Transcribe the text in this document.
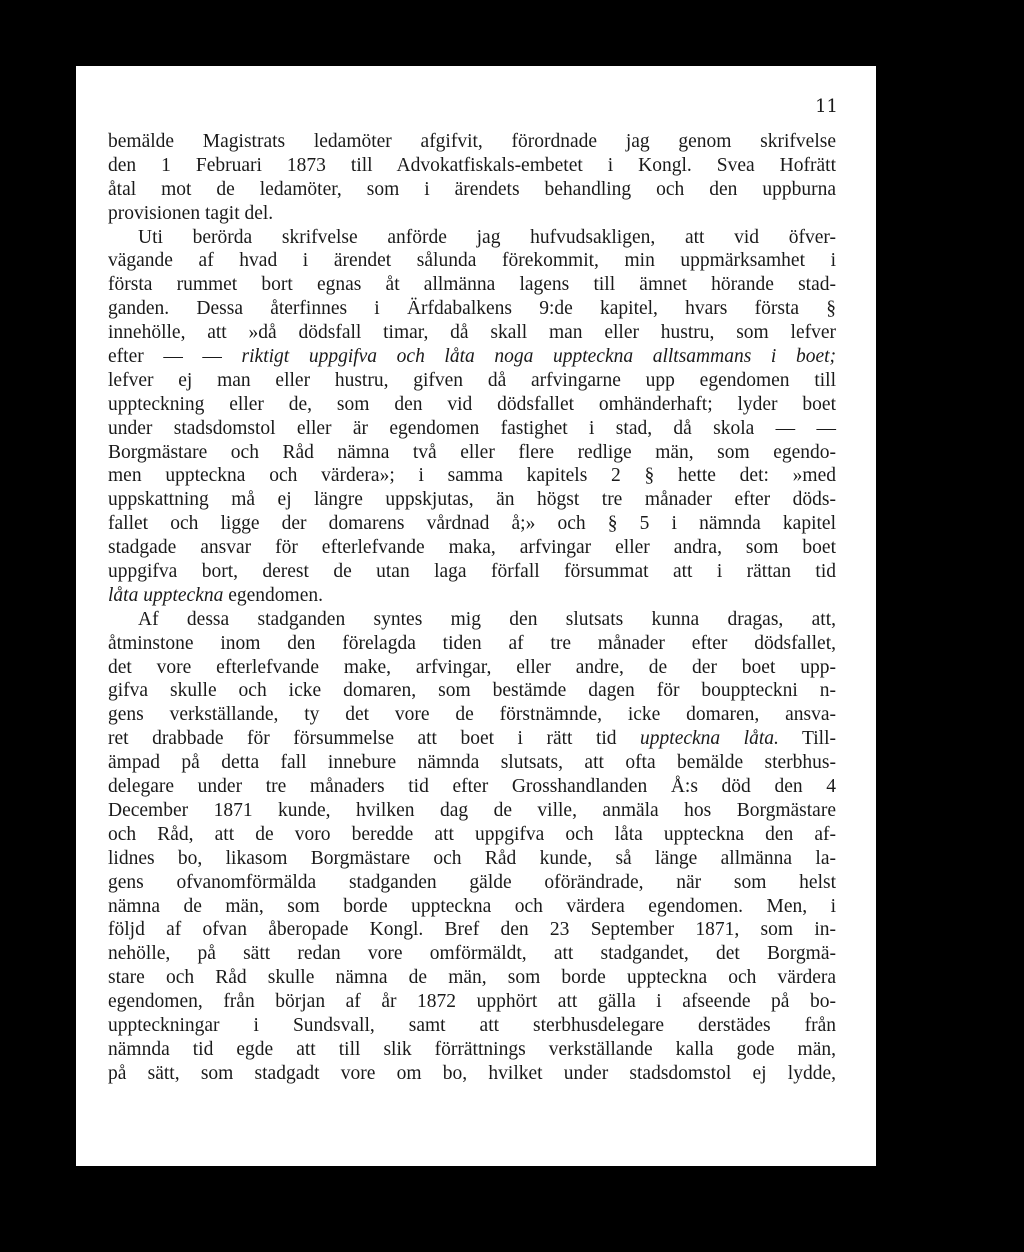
11
bemälde Magistrats ledamöter afgifvit, förordnade jag genom skrifvelse
den 1 Februari 1873 till Advokatfiskals-embetet i Kongl. Svea Hofrätt
åtal mot de ledamöter, som i ärendets behandling och den uppburna
provisionen tagit del.
Uti berörda skrifvelse anförde jag hufvudsakligen, att vid öfver-
vägande af hvad i ärendet sålunda förekommit, min uppmärksamhet i
första rummet bort egnas åt allmänna lagens till ämnet hörande stad-
ganden. Dessa återfinnes i Ärfdabalkens 9:de kapitel, hvars första §
innehölle, att »då dödsfall timar, då skall man eller hustru, som lefver
efter — — riktigt uppgifva och låta noga uppteckna alltsammans i boet;
lefver ej man eller hustru, gifven då arfvingarne upp egendomen till
uppteckning eller de, som den vid dödsfallet omhänderhaft; lyder boet
under stadsdomstol eller är egendomen fastighet i stad, då skola — —
Borgmästare och Råd nämna två eller flere redlige män, som egendo-
men uppteckna och värdera»; i samma kapitels 2 § hette det: »med
uppskattning må ej längre uppskjutas, än högst tre månader efter döds-
fallet och ligge der domarens vårdnad å;» och § 5 i nämnda kapitel
stadgade ansvar för efterlefvande maka, arfvingar eller andra, som boet
uppgifva bort, derest de utan laga förfall försummat att i rättan tid
låta uppteckna egendomen.
Af dessa stadganden syntes mig den slutsats kunna dragas, att,
åtminstone inom den förelagda tiden af tre månader efter dödsfallet,
det vore efterlefvande make, arfvingar, eller andre, de der boet upp-
gifva skulle och icke domaren, som bestämde dagen för bouppteckni n-
gens verkställande, ty det vore de förstnämnde, icke domaren, ansva-
ret drabbade för försummelse att boet i rätt tid uppteckna låta. Till-
ämpad på detta fall innebure nämnda slutsats, att ofta bemälde sterbhus-
delegare under tre månaders tid efter Grosshandlanden Å:s död den 4
December 1871 kunde, hvilken dag de ville, anmäla hos Borgmästare
och Råd, att de voro beredde att uppgifva och låta uppteckna den af-
lidnes bo, likasom Borgmästare och Råd kunde, så länge allmänna la-
gens ofvanomförmälda stadganden gälde oförändrade, när som helst
nämna de män, som borde uppteckna och värdera egendomen. Men, i
följd af ofvan åberopade Kongl. Bref den 23 September 1871, som in-
nehölle, på sätt redan vore omförmäldt, att stadgandet, det Borgmä-
stare och Råd skulle nämna de män, som borde uppteckna och värdera
egendomen, från början af år 1872 upphört att gälla i afseende på bo-
uppteckningar i Sundsvall, samt att sterbhusdelegare derstädes från
nämnda tid egde att till slik förrättnings verkställande kalla gode män,
på sätt, som stadgadt vore om bo, hvilket under stadsdomstol ej lydde,
